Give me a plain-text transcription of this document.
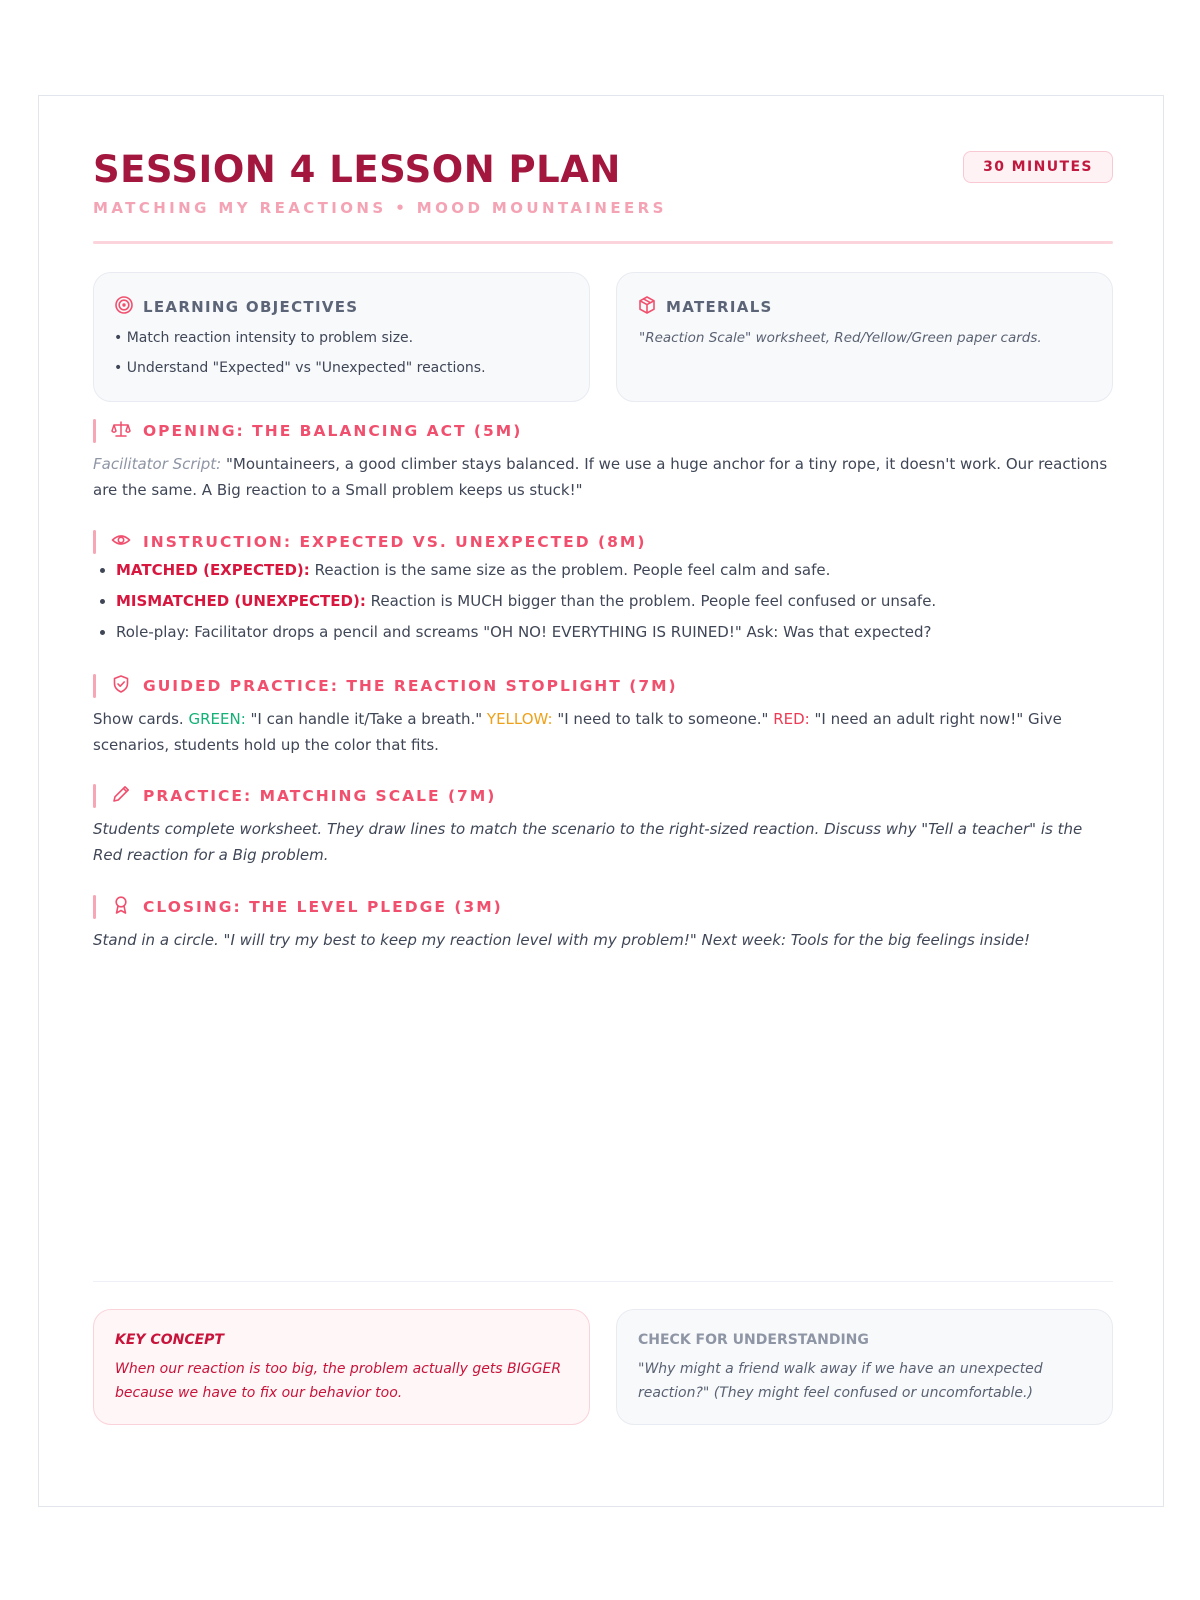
SESSION 4 LESSON PLAN
MATCHING MY REACTIONS • MOOD MOUNTAINEERS
30 MINUTES
LEARNING OBJECTIVES
• Match reaction intensity to problem size.
• Understand "Expected" vs "Unexpected" reactions.
MATERIALS
"Reaction Scale" worksheet, Red/Yellow/Green paper cards.
OPENING: THE BALANCING ACT (5M)
Facilitator Script: "Mountaineers, a good climber stays balanced. If we use a huge anchor for a tiny rope, it doesn't work. Our reactions are the same. A Big reaction to a Small problem keeps us stuck!"
INSTRUCTION: EXPECTED VS. UNEXPECTED (8M)
• MATCHED (EXPECTED): Reaction is the same size as the problem. People feel calm and safe.
• MISMATCHED (UNEXPECTED): Reaction is MUCH bigger than the problem. People feel confused or unsafe.
• Role-play: Facilitator drops a pencil and screams "OH NO! EVERYTHING IS RUINED!" Ask: Was that expected?
GUIDED PRACTICE: THE REACTION STOPLIGHT (7M)
Show cards. GREEN: "I can handle it/Take a breath." YELLOW: "I need to talk to someone." RED: "I need an adult right now!" Give scenarios, students hold up the color that fits.
PRACTICE: MATCHING SCALE (7M)
Students complete worksheet. They draw lines to match the scenario to the right-sized reaction. Discuss why "Tell a teacher" is the Red reaction for a Big problem.
CLOSING: THE LEVEL PLEDGE (3M)
Stand in a circle. "I will try my best to keep my reaction level with my problem!" Next week: Tools for the big feelings inside!
KEY CONCEPT
When our reaction is too big, the problem actually gets BIGGER because we have to fix our behavior too.
CHECK FOR UNDERSTANDING
"Why might a friend walk away if we have an unexpected reaction?" (They might feel confused or uncomfortable.)
